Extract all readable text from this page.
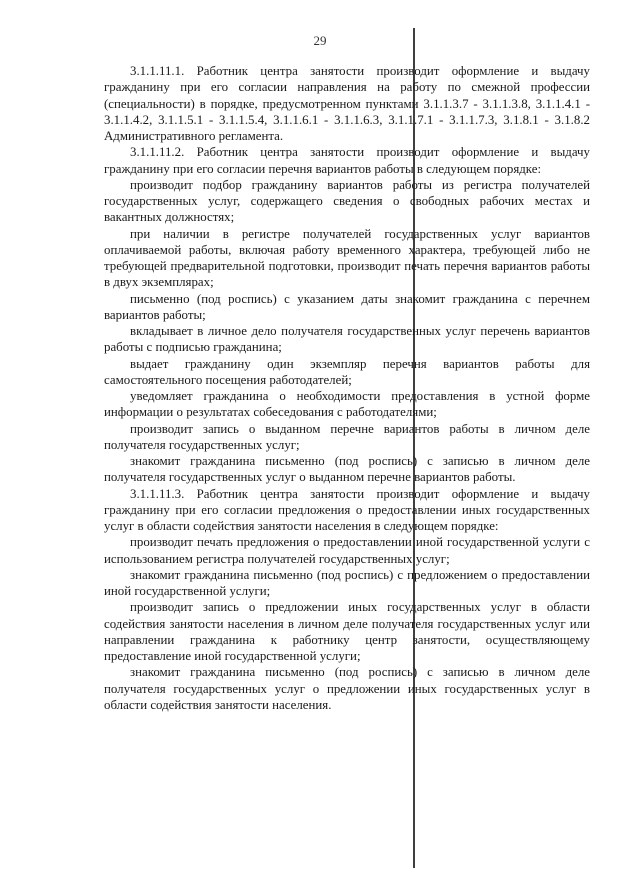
29

3.1.1.11.1. Работник центра занятости производит оформление и выдачу гражданину при его согласии направления на работу по смежной профессии (специальности) в порядке, предусмотренном пунктами 3.1.1.3.7 - 3.1.1.3.8, 3.1.1.4.1 - 3.1.1.4.2, 3.1.1.5.1 - 3.1.1.5.4, 3.1.1.6.1 - 3.1.1.6.3, 3.1.1.7.1 - 3.1.1.7.3, 3.1.8.1 - 3.1.8.2 Административного регламента.

3.1.1.11.2. Работник центра занятости производит оформление и выдачу гражданину при его согласии перечня вариантов работы в следующем порядке:

производит подбор гражданину вариантов работы из регистра получателей государственных услуг, содержащего сведения о свободных рабочих местах и вакантных должностях;

при наличии в регистре получателей государственных услуг вариантов оплачиваемой работы, включая работу временного характера, требующей либо не требующей предварительной подготовки, производит печать перечня вариантов работы в двух экземплярах;

письменно (под роспись) с указанием даты знакомит гражданина с перечнем вариантов работы;

вкладывает в личное дело получателя государственных услуг перечень вариантов работы с подписью гражданина;

выдает гражданину один экземпляр перечня вариантов работы для самостоятельного посещения работодателей;

уведомляет гражданина о необходимости предоставления в устной форме информации о результатах собеседования с работодателями;

производит запись о выданном перечне вариантов работы в личном деле получателя государственных услуг;

знакомит гражданина письменно (под роспись) с записью в личном деле получателя государственных услуг о выданном перечне вариантов работы.

3.1.1.11.3. Работник центра занятости производит оформление и выдачу гражданину при его согласии предложения о предоставлении иных государственных услуг в области содействия занятости населения в следующем порядке:

производит печать предложения о предоставлении иной государственной услуги с использованием регистра получателей государственных услуг;

знакомит гражданина письменно (под роспись) с предложением о предоставлении иной государственной услуги;

производит запись о предложении иных государственных услуг в области содействия занятости населения в личном деле получателя государственных услуг или направлении гражданина к работнику центр занятости, осуществляющему предоставление иной государственной услуги;

знакомит гражданина письменно (под роспись) с записью в личном деле получателя государственных услуг о предложении иных государственных услуг в области содействия занятости населения.
